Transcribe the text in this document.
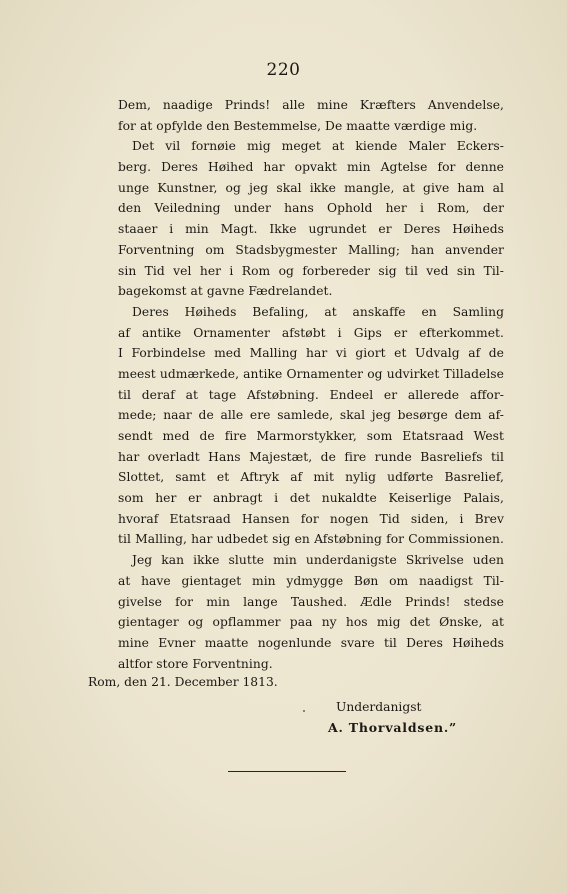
220
Dem, naadige Prinds! alle mine Kræfters Anvendelse,
for at opfylde den Bestemmelse, De maatte værdige mig.
Det vil fornøie mig meget at kiende Maler Eckers-
berg. Deres Høihed har opvakt min Agtelse for denne
unge Kunstner, og jeg skal ikke mangle, at give ham al
den Veiledning under hans Ophold her i Rom, der
staaer i min Magt. Ikke ugrundet er Deres Høiheds
Forventning om Stadsbygmester Malling; han anvender
sin Tid vel her i Rom og forbereder sig til ved sin Til-
bagekomst at gavne Fædrelandet.
Deres Høiheds Befaling, at anskaffe en Samling
af antike Ornamenter afstøbt i Gips er efterkommet.
I Forbindelse med Malling har vi giort et Udvalg af de
meest udmærkede, antike Ornamenter og udvirket Tilladelse
til deraf at tage Afstøbning. Endeel er allerede affor-
mede; naar de alle ere samlede, skal jeg besørge dem af-
sendt med de fire Marmorstykker, som Etatsraad West
har overladt Hans Majestæt, de fire runde Basreliefs til
Slottet, samt et Aftryk af mit nylig udførte Basrelief,
som her er anbragt i det nukaldte Keiserlige Palais,
hvoraf Etatsraad Hansen for nogen Tid siden, i Brev
til Malling, har udbedet sig en Afstøbning for Commissionen.
Jeg kan ikke slutte min underdanigste Skrivelse uden
at have gientaget min ydmygge Bøn om naadigst Til-
givelse for min lange Taushed. Ædle Prinds! stedse
gientager og opflammer paa ny hos mig det Ønske, at
mine Evner maatte nogenlunde svare til Deres Høiheds
altfor store Forventning.
Rom, den 21. December 1813.
Underdanigst
A. Thorvaldsen.”
